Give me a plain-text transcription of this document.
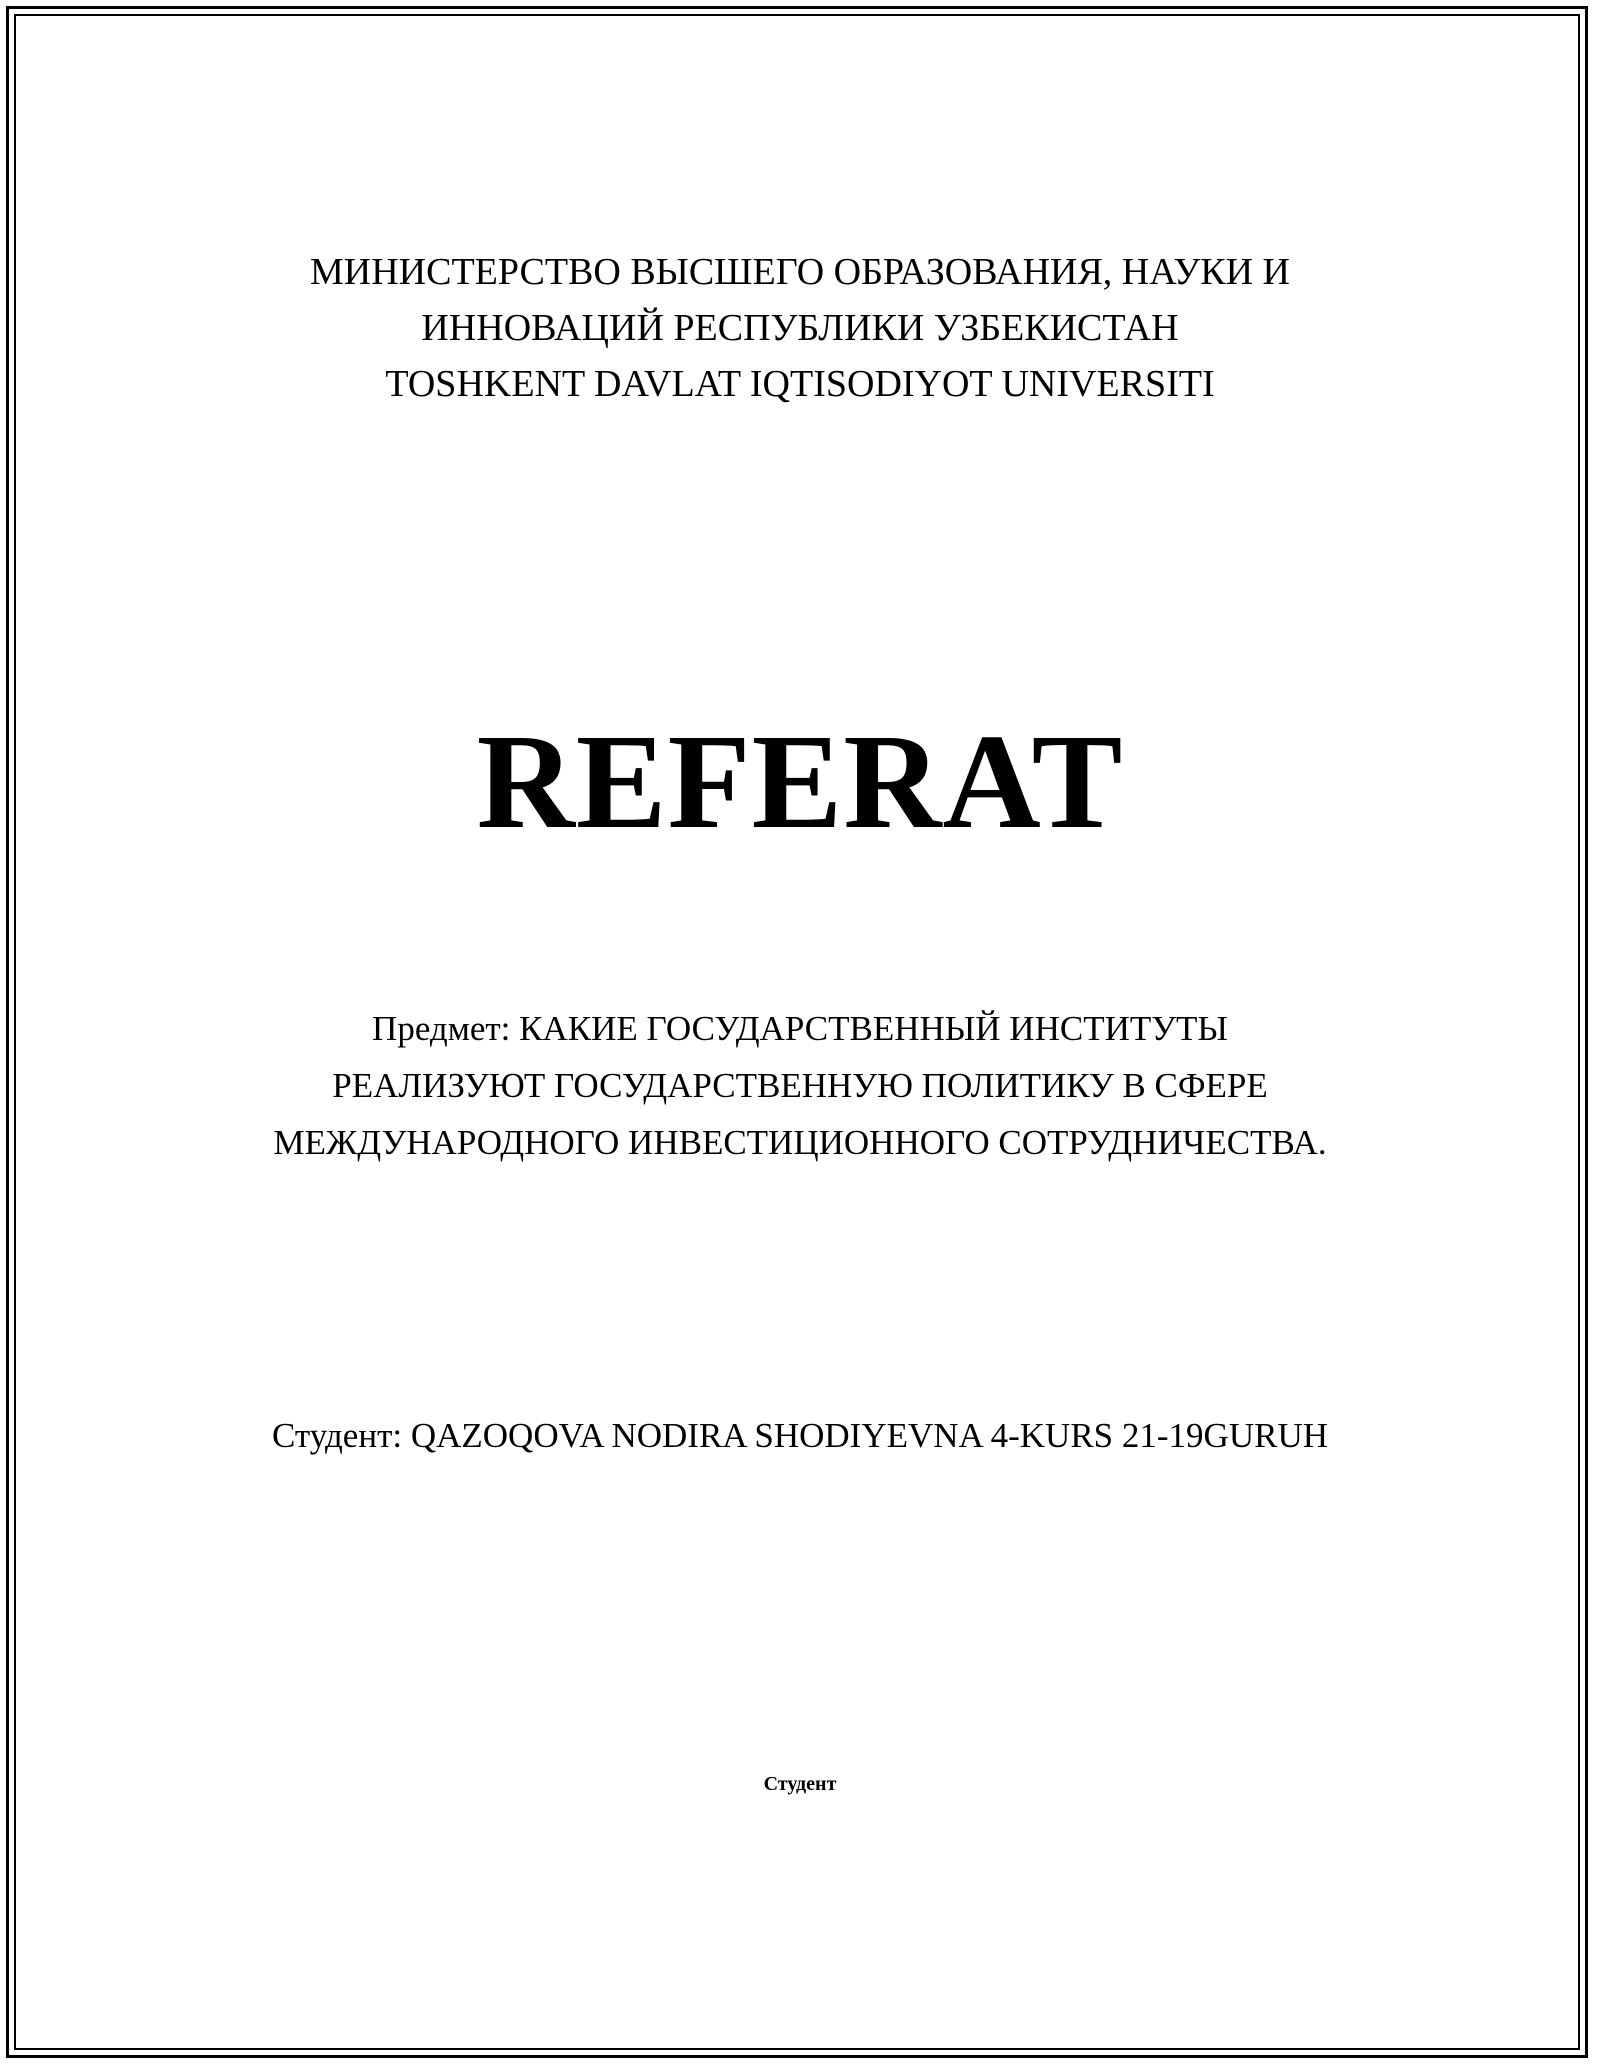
МИНИСТЕРСТВО ВЫСШЕГО ОБРАЗОВАНИЯ, НАУКИ И
ИННОВАЦИЙ РЕСПУБЛИКИ УЗБЕКИСТАН
TOSHKENT DAVLAT IQTISODIYOT UNIVERSITI
REFERAT
Предмет: КАКИЕ ГОСУДАРСТВЕННЫЙ ИНСТИТУТЫ
РЕАЛИЗУЮТ ГОСУДАРСТВЕННУЮ ПОЛИТИКУ В СФЕРЕ
МЕЖДУНАРОДНОГО ИНВЕСТИЦИОННОГО СОТРУДНИЧЕСТВА.
Студент: QAZOQOVA NODIRA SHODIYEVNA 4-KURS 21-19GURUH
Студент
